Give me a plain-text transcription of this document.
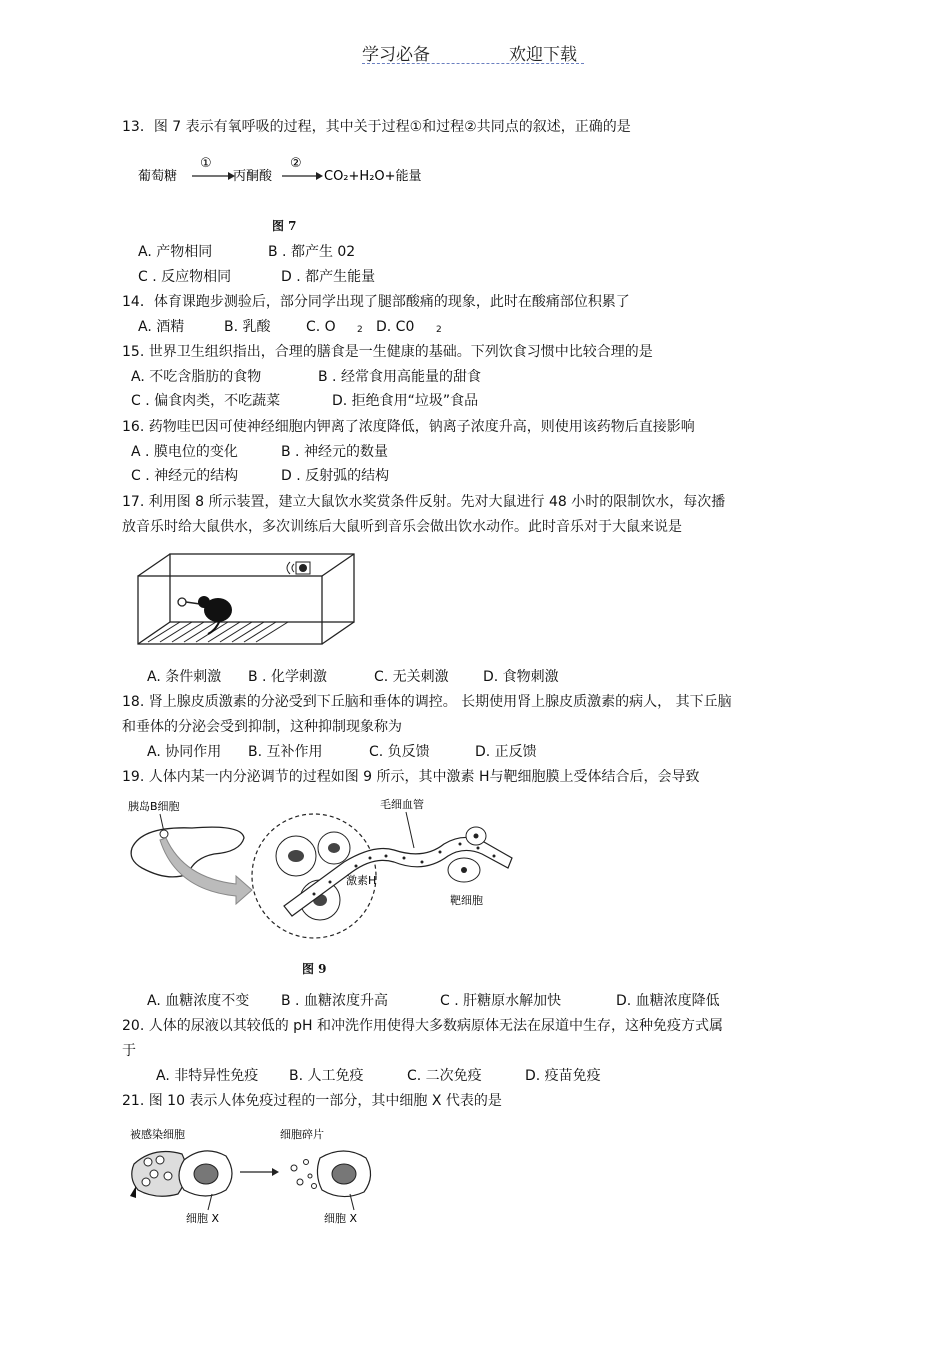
学习必备	欢迎下载
13．图 7 表示有氧呼吸的过程，其中关于过程①和过程②共同点的叙述，正确的是
葡萄糖
①
丙酮酸
②
CO₂+H₂O+能量
图 7
A. 产物相同	B . 都产生 02
C . 反应物相同	D . 都产生能量
14．体育课跑步测验后，部分同学出现了腿部酸痛的现象，此时在酸痛部位积累了
A. 酒精	B. 乳酸	C. O 2 D. C0 2
15. 世界卫生组织指出，合理的膳食是一生健康的基础。下列饮食习惯中比较合理的是
A. 不吃含脂肪的食物	B . 经常食用高能量的甜食
C . 偏食肉类，不吃蔬菜	D. 拒绝食用“垃圾”食品
16. 药物哇巴因可使神经细胞内钾离了浓度降低，钠离子浓度升高，则使用该药物后直接影响
A . 膜电位的变化	B . 神经元的数量
C . 神经元的结构	D . 反射弧的结构
17. 利用图 8 所示装置，建立大鼠饮水奖赏条件反射。先对大鼠进行 48 小时的限制饮水，每次播
放音乐时给大鼠供水，多次训练后大鼠听到音乐会做出饮水动作。此时音乐对于大鼠来说是
A. 条件刺激 B . 化学刺激	C. 无关刺激 D. 食物刺激
18. 肾上腺皮质激素的分泌受到下丘脑和垂体的调控。 长期使用肾上腺皮质激素的病人， 其下丘脑
和垂体的分泌会受到抑制，这种抑制现象称为
A. 协同作用 B. 互补作用	C. 负反馈	D. 正反馈
19. 人体内某一内分泌调节的过程如图 9 所示，其中激素 H与靶细胞膜上受体结合后，会导致
胰岛B细胞	毛细血管
激素H
靶细胞
图 9
A. 血糖浓度不变 B . 血糖浓度升高	C . 肝糖原水解加快	D. 血糖浓度降低
20. 人体的尿液以其较低的 pH 和冲洗作用使得大多数病原体无法在尿道中生存，这种免疫方式属
于
A. 非特异性免疫 B. 人工免疫	C. 二次免疫	D. 疫苗免疫
21. 图 10 表示人体免疫过程的一部分，其中细胞 X 代表的是
被感染细胞	细胞碎片
细胞 X	细胞 X
